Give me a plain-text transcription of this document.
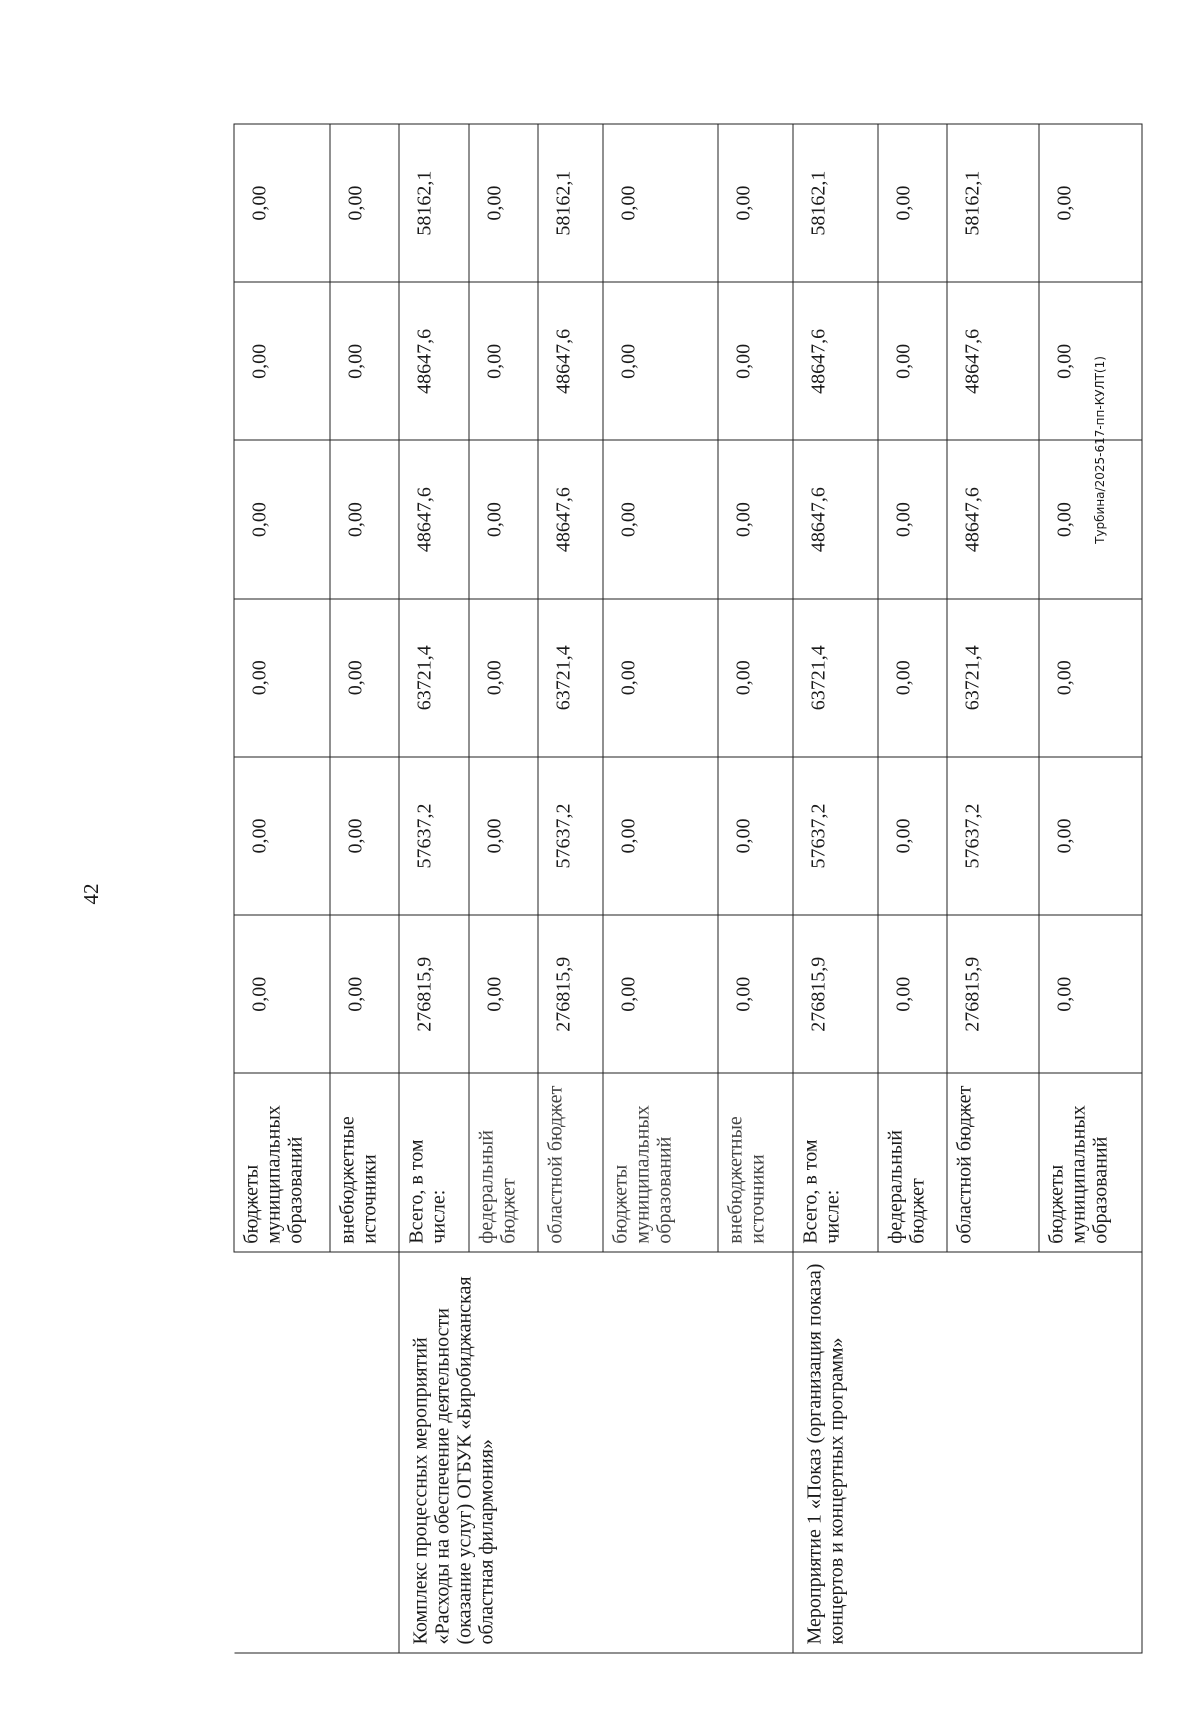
42
	бюджеты муниципальных образований	0,00	0,00	0,00	0,00	0,00	0,00
	внебюджетные источники	0,00	0,00	0,00	0,00	0,00	0,00
Комплекс процессных мероприятий «Расходы на обеспечение деятельности (оказание услуг) ОГБУК «Биробиджанская областная филармония»	Всего, в том числе:	276815,9	57637,2	63721,4	48647,6	48647,6	58162,1
	федеральный бюджет	0,00	0,00	0,00	0,00	0,00	0,00
	областной бюджет	276815,9	57637,2	63721,4	48647,6	48647,6	58162,1
	бюджеты муниципальных образований	0,00	0,00	0,00	0,00	0,00	0,00
	внебюджетные источники	0,00	0,00	0,00	0,00	0,00	0,00
Мероприятие 1 «Показ (организация показа) концертов и концертных программ»	Всего, в том числе:	276815,9	57637,2	63721,4	48647,6	48647,6	58162,1
	федеральный бюджет	0,00	0,00	0,00	0,00	0,00	0,00
	областной бюджет	276815,9	57637,2	63721,4	48647,6	48647,6	58162,1
	бюджеты муниципальных образований	0,00	0,00	0,00	0,00	0,00	0,00
Турбина/2025-617-пп-КУЛТ(1)
